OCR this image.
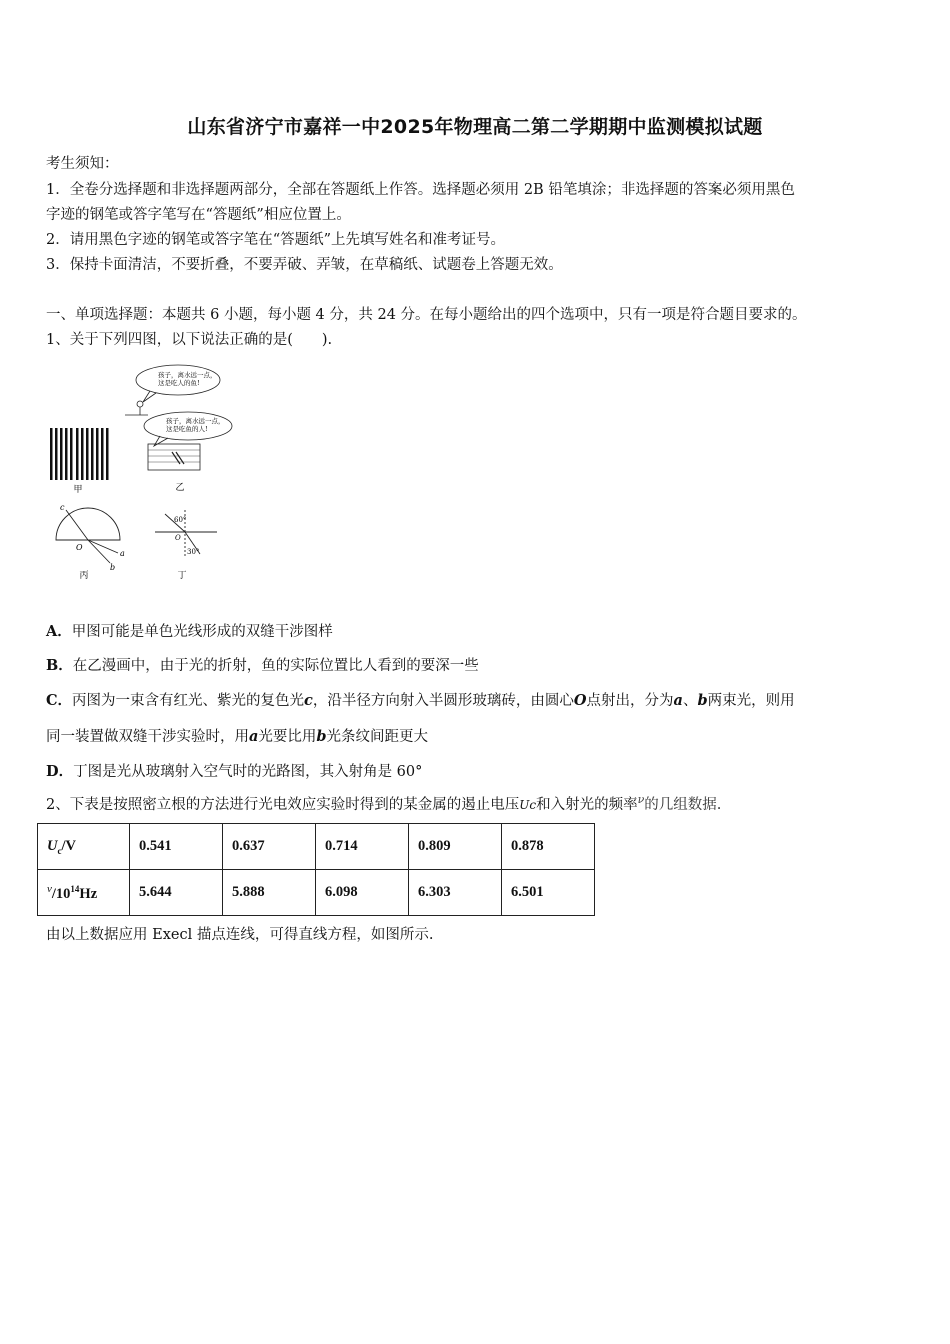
山东省济宁市嘉祥一中2025年物理高二第二学期期中监测模拟试题
考生须知：
1．全卷分选择题和非选择题两部分，全部在答题纸上作答。选择题必须用 2B 铅笔填涂；非选择题的答案必须用黑色
字迹的钢笔或答字笔写在“答题纸”相应位置上。
2．请用黑色字迹的钢笔或答字笔在“答题纸”上先填写姓名和准考证号。
3．保持卡面清洁，不要折叠，不要弄破、弄皱，在草稿纸、试题卷上答题无效。
一、单项选择题：本题共 6 小题，每小题 4 分，共 24 分。在每小题给出的四个选项中，只有一项是符合题目要求的。
1、关于下列四图，以下说法正确的是(　　).
甲
孩子，离水远一点，
这是吃人的鱼!
孩子，离水远一点，
这是吃鱼的人!
乙
c
O
a
b
丙
60°
O
30°
丁
A．甲图可能是单色光线形成的双缝干涉图样
B．在乙漫画中，由于光的折射，鱼的实际位置比人看到的要深一些
C．丙图为一束含有红光、紫光的复色光c，沿半径方向射入半圆形玻璃砖，由圆心O点射出，分为a、b两束光，则用
同一装置做双缝干涉实验时，用a光要比用b光条纹间距更大
D．丁图是光从玻璃射入空气时的光路图，其入射角是 60°
2、下表是按照密立根的方法进行光电效应实验时得到的某金属的遏止电压Uc和入射光的频率$^\nu$的几组数据.
$U_c/V$	0.541	0.637	0.714	0.809	0.878
$^\nu/10^{14}Hz$	5.644	5.888	6.098	6.303	6.501
由以上数据应用 Execl 描点连线，可得直线方程，如图所示.
